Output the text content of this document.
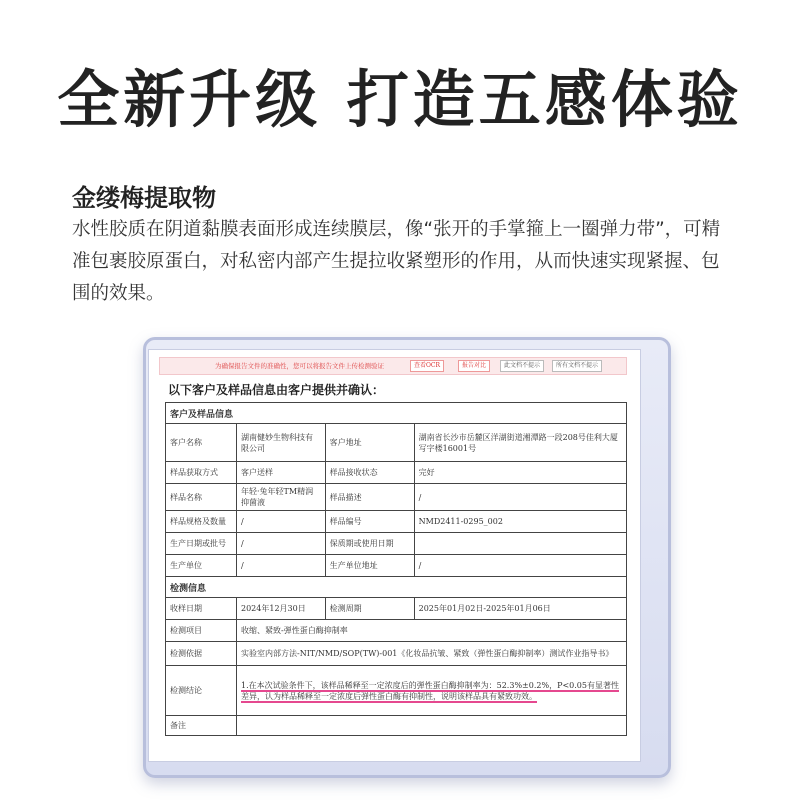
全新升级 打造五感体验
金缕梅提取物
水性胶质在阴道黏膜表面形成连续膜层，像“张开的手掌箍上一圈弹力带”，可精准包裹胶原蛋白，对私密内部产生提拉收紧塑形的作用，从而快速实现紧握、包围的效果。
为确保报告文件的准确性，您可以将报告文件上传检测验证	查看OCR	报告对比	此文档不提示	所有文档不提示
以下客户及样品信息由客户提供并确认：
客户及样品信息			
客户名称	湖南健妙生物科技有限公司	客户地址	湖南省长沙市岳麓区洋湖街道湘潭路一段208号佳利大厦写字楼16001号
样品获取方式	客户送样	样品接收状态	完好
样品名称	年轻·兔年轻TM精润抑菌液	样品描述	/
样品规格及数量	/	样品编号	NMD2411-0295_002
生产日期或批号	/	保质期或使用日期	
生产单位	/	生产单位地址	/
检测信息			
收样日期	2024年12月30日	检测周期	2025年01月02日-2025年01月06日
检测项目	收缩、紧致-弹性蛋白酶抑制率		
检测依据	实验室内部方法-NIT/NMD/SOP(TW)-001《化妆品抗皱、紧致（弹性蛋白酶抑制率）测试作业指导书》		
检测结论	1.在本次试验条件下，该样品稀释至一定浓度后的弹性蛋白酶抑制率为：52.3%±0.2%，P<0.05有显著性差异，认为样品稀释至一定浓度后弹性蛋白酶有抑制性，说明该样品具有紧致功效。		
备注			
